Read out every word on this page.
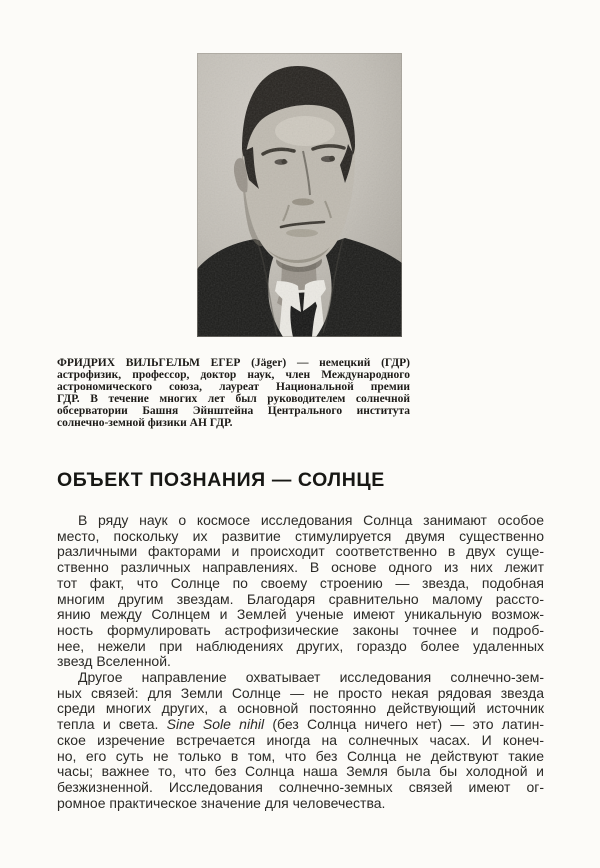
ФРИДРИХ ВИЛЬГЕЛЬМ ЕГЕР (Jäger) — немецкий (ГДР)
астрофизик, профессор, доктор наук, член Международного
астрономического союза, лауреат Национальной премии
ГДР. В течение многих лет был руководителем солнечной
обсерватории Башня Эйнштейна Центрального института
солнечно-земной физики АН ГДР.
ОБЪЕКТ ПОЗНАНИЯ — СОЛНЦЕ
В ряду наук о космосе исследования Солнца занимают особое
место, поскольку их развитие стимулируется двумя существенно
различными факторами и происходит соответственно в двух суще-
ственно различных направлениях. В основе одного из них лежит
тот факт, что Солнце по своему строению — звезда, подобная
многим другим звездам. Благодаря сравнительно малому рассто-
янию между Солнцем и Землей ученые имеют уникальную возмож-
ность формулировать астрофизические законы точнее и подроб-
нее, нежели при наблюдениях других, гораздо более удаленных
звезд Вселенной.
Другое направление охватывает исследования солнечно-зем-
ных связей: для Земли Солнце — не просто некая рядовая звезда
среди многих других, а основной постоянно действующий источник
тепла и света. Sine Sole nihil (без Солнца ничего нет) — это латин-
ское изречение встречается иногда на солнечных часах. И конеч-
но, его суть не только в том, что без Солнца не действуют такие
часы; важнее то, что без Солнца наша Земля была бы холодной и
безжизненной. Исследования солнечно-земных связей имеют ог-
ромное практическое значение для человечества.
